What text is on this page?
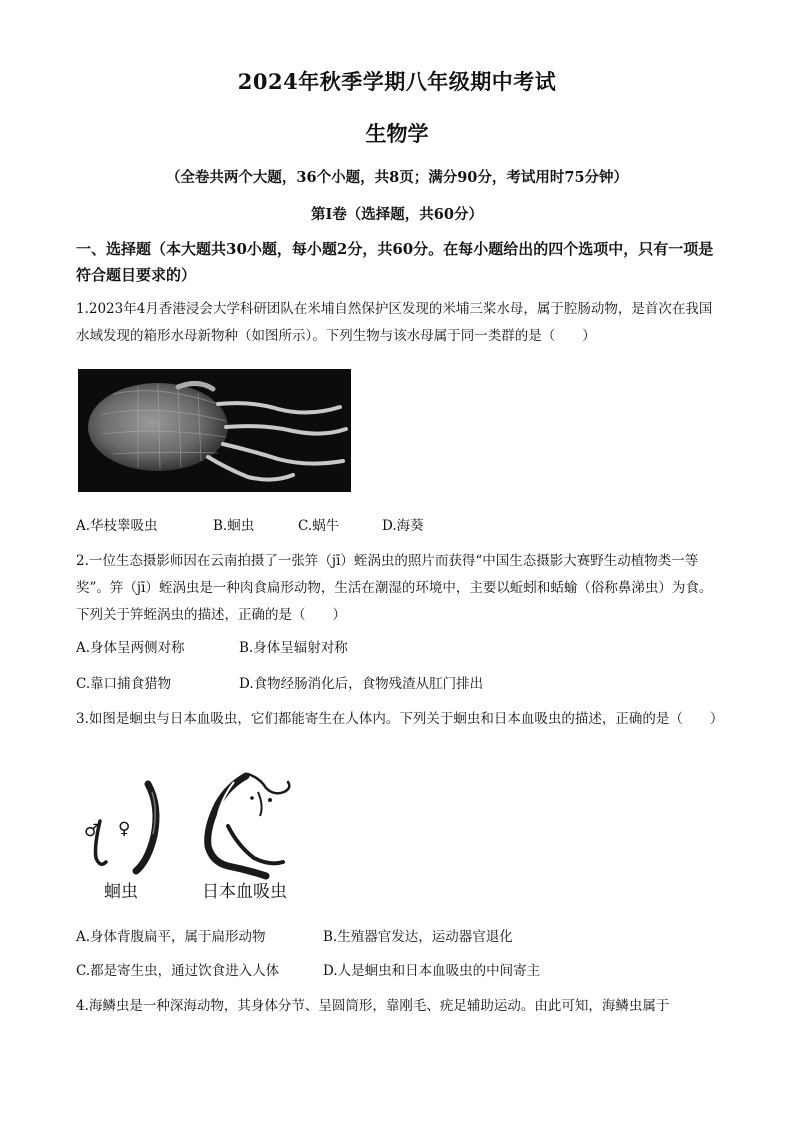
2024年秋季学期八年级期中考试
生物学
（全卷共两个大题，36个小题，共8页；满分90分，考试用时75分钟）
第Ⅰ卷（选择题，共60分）
一、选择题（本大题共30小题，每小题2分，共60分。在每小题给出的四个选项中，只有一项是符合题目要求的）
1.2023年4月香港浸会大学科研团队在米埔自然保护区发现的米埔三桨水母，属于腔肠动物，是首次在我国水域发现的箱形水母新物种（如图所示）。下列生物与该水母属于同一类群的是（　　）
A.华枝睾吸虫	B.蛔虫	C.蜗牛	D.海葵
2.一位生态摄影师因在云南拍摄了一张笄（jī）蛭涡虫的照片而获得“中国生态摄影大赛野生动植物类一等奖”。笄（jī）蛭涡虫是一种肉食扁形动物，生活在潮湿的环境中，主要以蚯蚓和蛞蝓（俗称鼻涕虫）为食。下列关于笄蛭涡虫的描述，正确的是（　　）
A.身体呈两侧对称	B.身体呈辐射对称
C.靠口捕食猎物	D.食物经肠消化后，食物残渣从肛门排出
3.如图是蛔虫与日本血吸虫，它们都能寄生在人体内。下列关于蛔虫和日本血吸虫的描述，正确的是（　　）
♂ ♀
蛔虫	日本血吸虫
A.身体背腹扁平，属于扁形动物	B.生殖器官发达，运动器官退化
C.都是寄生虫，通过饮食进入人体	D.人是蛔虫和日本血吸虫的中间寄主
4.海鳞虫是一种深海动物，其身体分节、呈圆筒形，靠刚毛、疣足辅助运动。由此可知，海鳞虫属于
